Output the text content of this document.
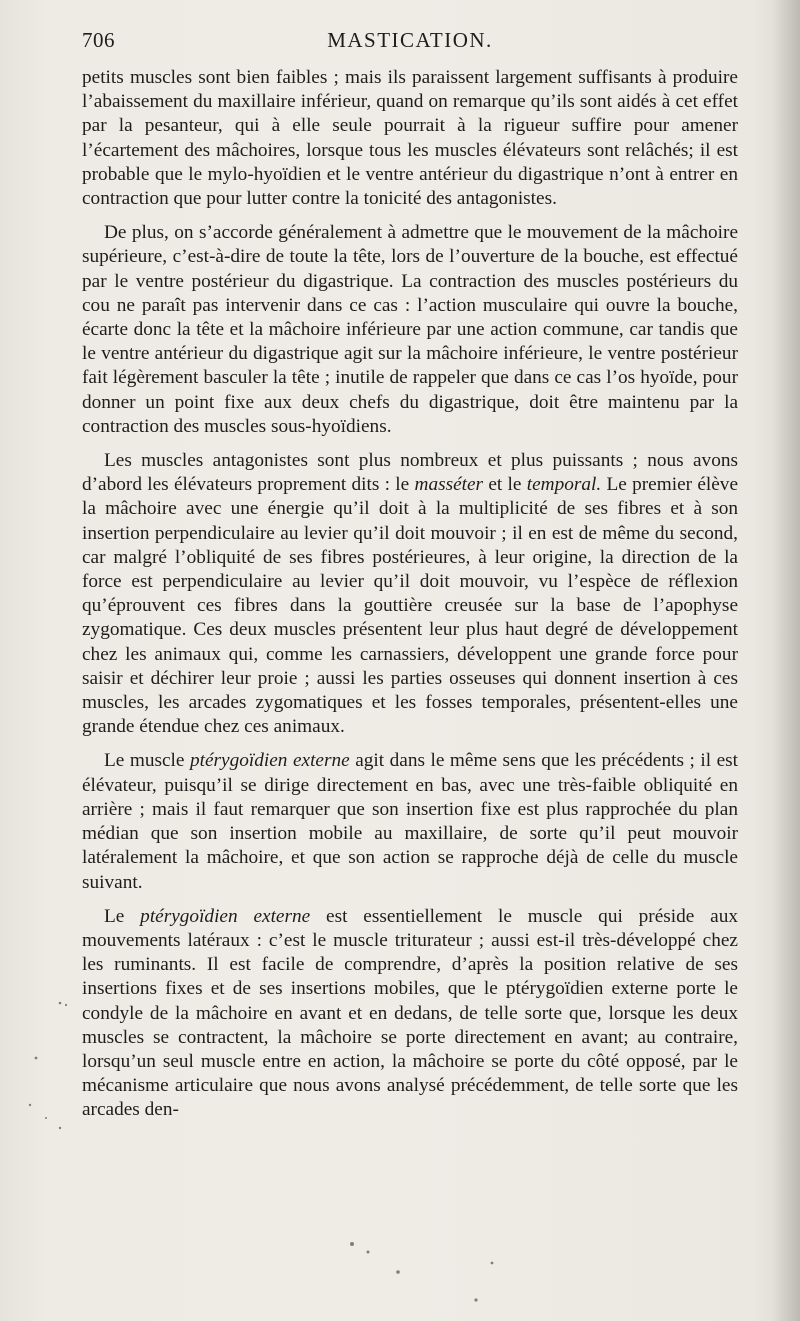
706	MASTICATION.

petits muscles sont bien faibles ; mais ils paraissent largement suffisants à produire l’abaissement du maxillaire inférieur, quand on remarque qu’ils sont aidés à cet effet par la pesanteur, qui à elle seule pourrait à la rigueur suffire pour amener l’écartement des mâchoires, lorsque tous les muscles élévateurs sont relâchés; il est probable que le mylo-hyoïdien et le ventre antérieur du digastrique n’ont à entrer en contraction que pour lutter contre la tonicité des antagonistes.

De plus, on s’accorde généralement à admettre que le mouvement de la mâchoire supérieure, c’est-à-dire de toute la tête, lors de l’ouverture de la bouche, est effectué par le ventre postérieur du digastrique. La contraction des muscles postérieurs du cou ne paraît pas intervenir dans ce cas : l’action musculaire qui ouvre la bouche, écarte donc la tête et la mâchoire inférieure par une action commune, car tandis que le ventre antérieur du digastrique agit sur la mâchoire inférieure, le ventre postérieur fait légèrement basculer la tête ; inutile de rappeler que dans ce cas l’os hyoïde, pour donner un point fixe aux deux chefs du digastrique, doit être maintenu par la contraction des muscles sous-hyoïdiens.

Les muscles antagonistes sont plus nombreux et plus puissants ; nous avons d’abord les élévateurs proprement dits : le masséter et le temporal. Le premier élève la mâchoire avec une énergie qu’il doit à la multiplicité de ses fibres et à son insertion perpendiculaire au levier qu’il doit mouvoir ; il en est de même du second, car malgré l’obliquité de ses fibres postérieures, à leur origine, la direction de la force est perpendiculaire au levier qu’il doit mouvoir, vu l’espèce de réflexion qu’éprouvent ces fibres dans la gouttière creusée sur la base de l’apophyse zygomatique. Ces deux muscles présentent leur plus haut degré de développement chez les animaux qui, comme les carnassiers, développent une grande force pour saisir et déchirer leur proie ; aussi les parties osseuses qui donnent insertion à ces muscles, les arcades zygomatiques et les fosses temporales, présentent-elles une grande étendue chez ces animaux.

Le muscle ptérygoïdien externe agit dans le même sens que les précédents ; il est élévateur, puisqu’il se dirige directement en bas, avec une très-faible obliquité en arrière ; mais il faut remarquer que son insertion fixe est plus rapprochée du plan médian que son insertion mobile au maxillaire, de sorte qu’il peut mouvoir latéralement la mâchoire, et que son action se rapproche déjà de celle du muscle suivant.

Le ptérygoïdien externe est essentiellement le muscle qui préside aux mouvements latéraux : c’est le muscle triturateur ; aussi est-il très-développé chez les ruminants. Il est facile de comprendre, d’après la position relative de ses insertions fixes et de ses insertions mobiles, que le ptérygoïdien externe porte le condyle de la mâchoire en avant et en dedans, de telle sorte que, lorsque les deux muscles se contractent, la mâchoire se porte directement en avant; au contraire, lorsqu’un seul muscle entre en action, la mâchoire se porte du côté opposé, par le mécanisme articulaire que nous avons analysé précédemment, de telle sorte que les arcades den-
